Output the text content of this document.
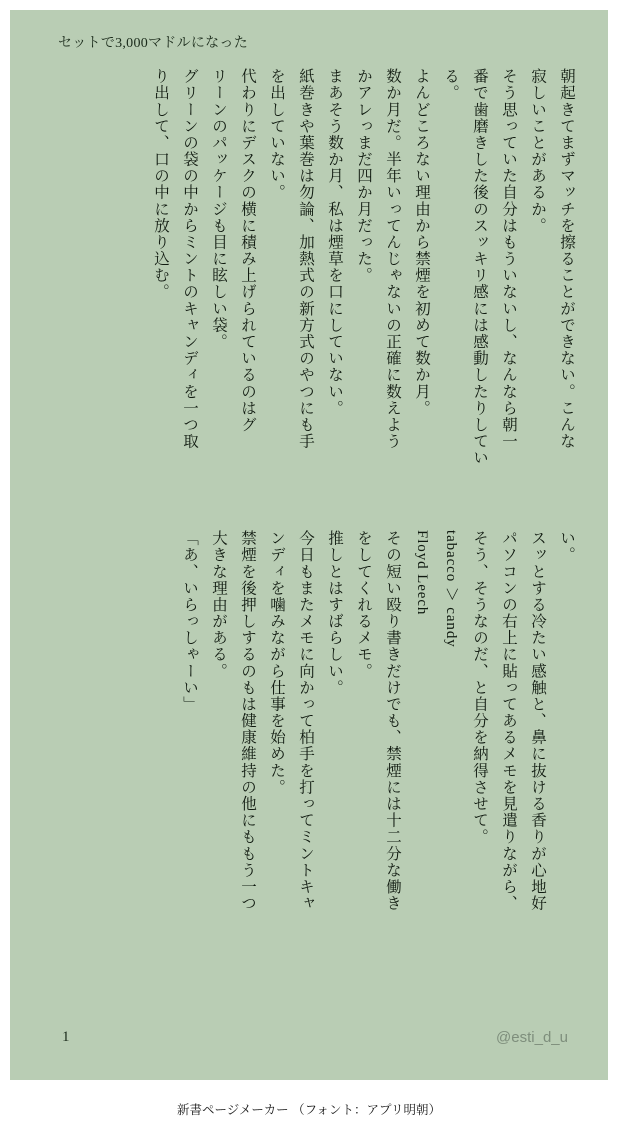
セットで3,000マドルになった
朝起きてまずマッチを擦ることができない。こんな
寂しいことがあるか。
そう思っていた自分はもういないし、なんなら朝一
番で歯磨きした後のスッキリ感には感動したりしてい
る。
よんどころない理由から禁煙を初めて数か月。
数か月だ。半年いってんじゃないの正確に数えよう
かアレっまだ四か月だった。
まあそう数か月、私は煙草を口にしていない。
紙巻きや葉巻は勿論、加熱式の新方式のやつにも手
を出していない。
代わりにデスクの横に積み上げられているのはグ
リーンのパッケージも目に眩しい袋。
グリーンの袋の中からミントのキャンディを一つ取
り出して、口の中に放り込む。
い。
スッとする冷たい感触と、鼻に抜ける香りが心地好
パソコンの右上に貼ってあるメモを見遣りながら、
そう、そうなのだ、と自分を納得させて。
tabacco ＞ candy
Floyd Leech
その短い殴り書きだけでも、禁煙には十二分な働き
をしてくれるメモ。
推しとはすばらしい。
今日もまたメモに向かって柏手を打ってミントキャ
ンディを噛みながら仕事を始めた。
禁煙を後押しするのもは健康維持の他にももう一つ
大きな理由がある。
「あ、いらっしゃーい」
1	@esti_d_u
新書ページメーカー （フォント：アプリ明朝）
